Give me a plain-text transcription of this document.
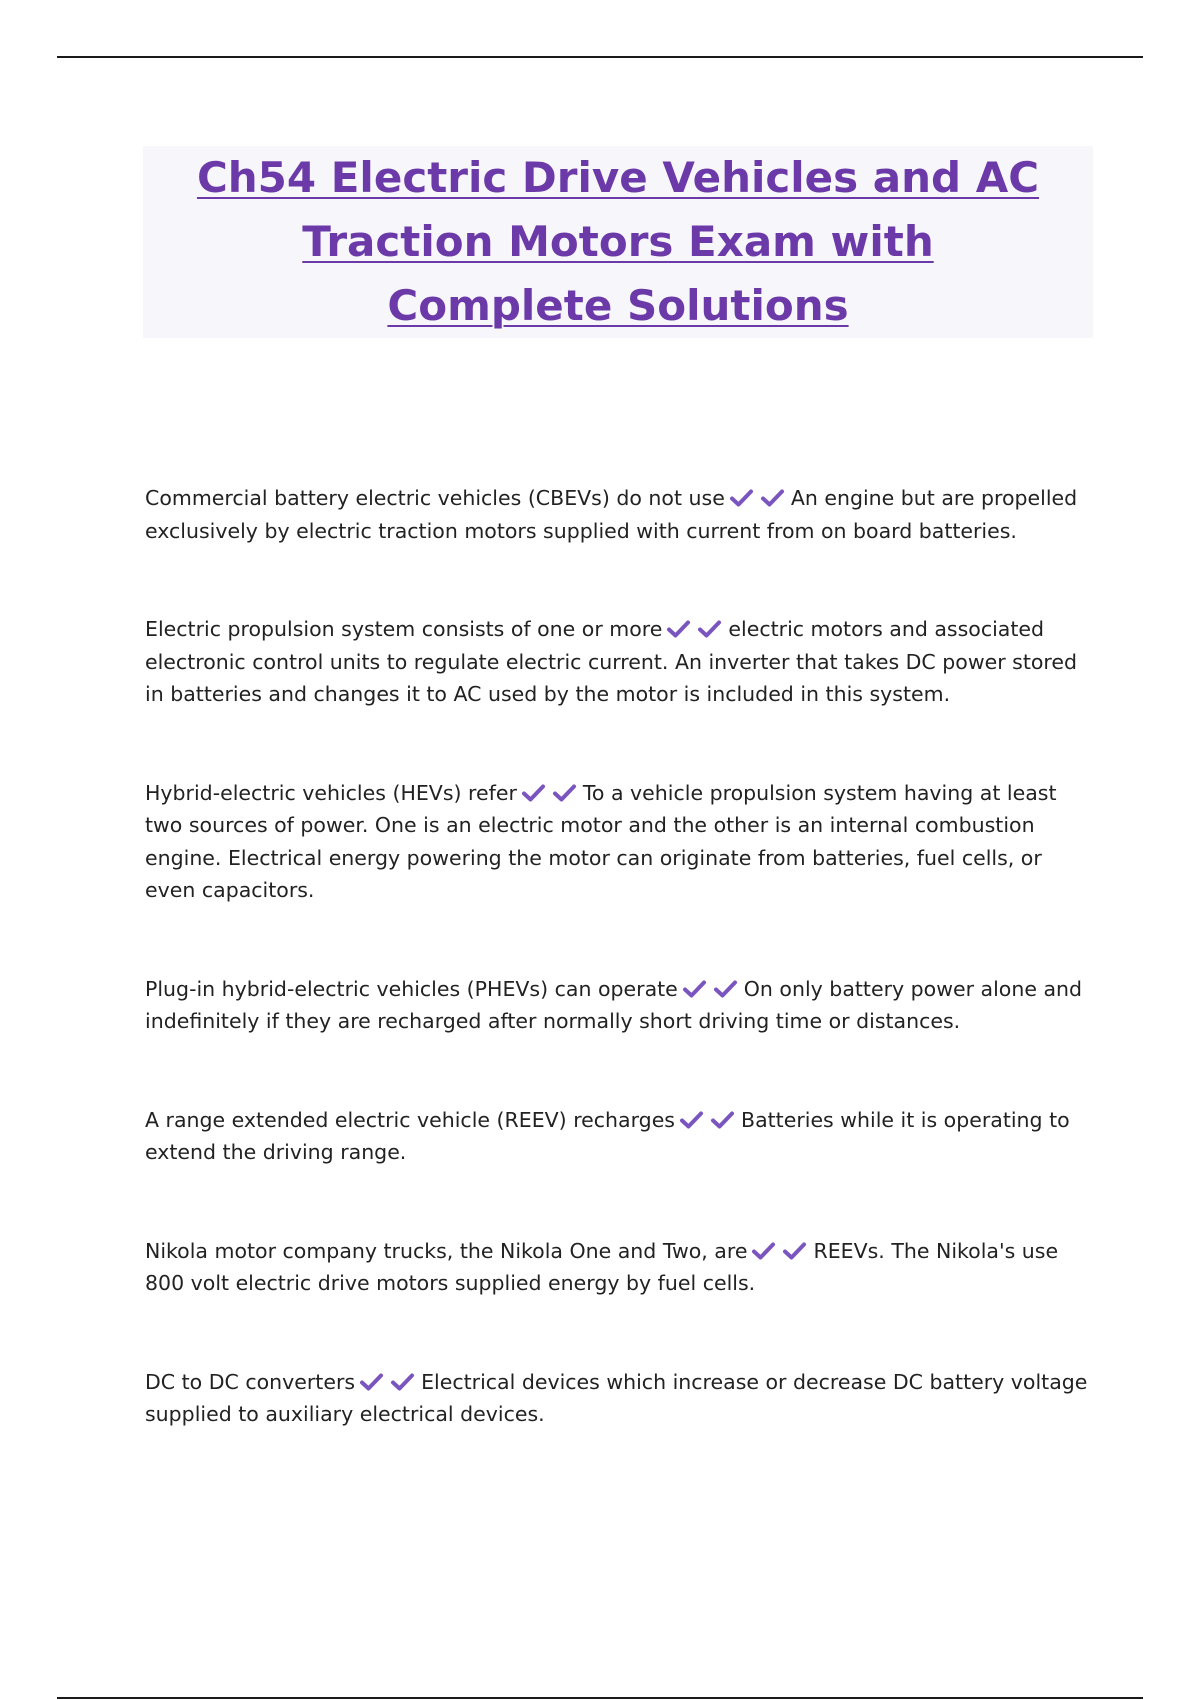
Ch54 Electric Drive Vehicles and AC Traction Motors Exam with Complete Solutions

Commercial battery electric vehicles (CBEVs) do not use	An engine but are propelled exclusively by electric traction motors supplied with current from on board batteries.

Electric propulsion system consists of one or more	electric motors and associated electronic control units to regulate electric current. An inverter that takes DC power stored in batteries and changes it to AC used by the motor is included in this system.

Hybrid-electric vehicles (HEVs) refer	To a vehicle propulsion system having at least two sources of power. One is an electric motor and the other is an internal combustion engine. Electrical energy powering the motor can originate from batteries, fuel cells, or even capacitors.

Plug-in hybrid-electric vehicles (PHEVs) can operate	On only battery power alone and indefinitely if they are recharged after normally short driving time or distances.

A range extended electric vehicle (REEV) recharges	Batteries while it is operating to extend the driving range.

Nikola motor company trucks, the Nikola One and Two, are	REEVs. The Nikola's use 800 volt electric drive motors supplied energy by fuel cells.

DC to DC converters	Electrical devices which increase or decrease DC battery voltage supplied to auxiliary electrical devices.
